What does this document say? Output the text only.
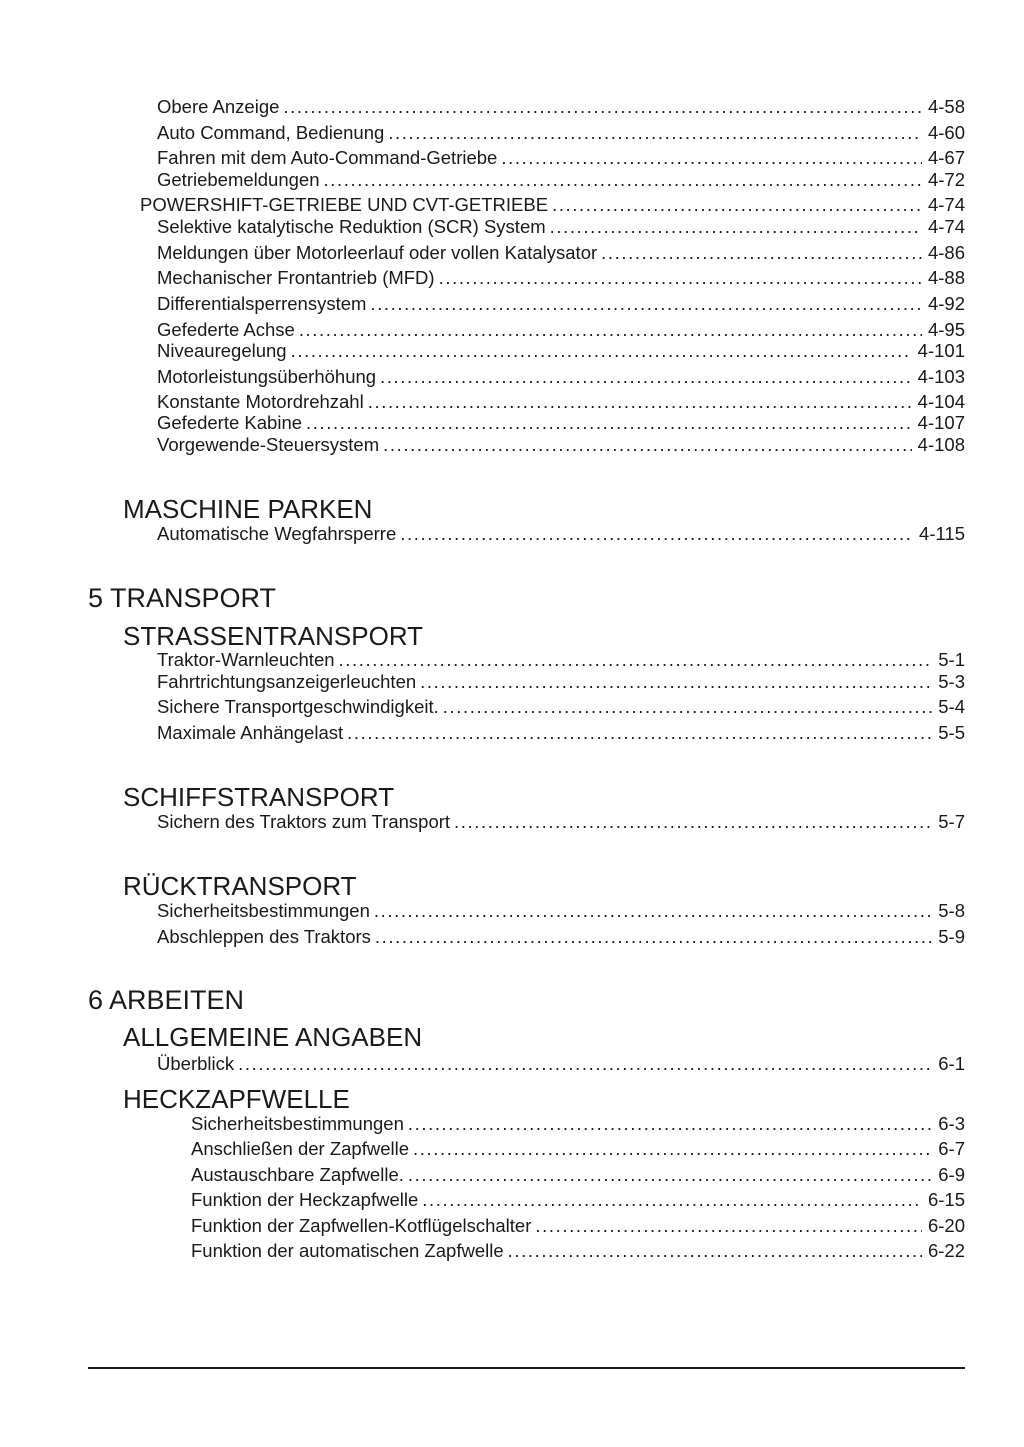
Obere Anzeige .....	4-58
Auto Command, Bedienung .....	4-60
Fahren mit dem Auto-Command-Getriebe .....	4-67
Getriebemeldungen .....	4-72
POWERSHIFT-GETRIEBE UND CVT-GETRIEBE .....	4-74
Selektive katalytische Reduktion (SCR) System .....	4-74
Meldungen über Motorleerlauf oder vollen Katalysator .....	4-86
Mechanischer Frontantrieb (MFD) .....	4-88
Differentialsperrensystem .....	4-92
Gefederte Achse .....	4-95
Niveauregelung .....	4-101
Motorleistungsüberhöhung .....	4-103
Konstante Motordrehzahl .....	4-104
Gefederte Kabine .....	4-107
Vorgewende-Steuersystem .....	4-108
MASCHINE PARKEN
Automatische Wegfahrsperre .....	4-115
5 TRANSPORT
STRASSENTRANSPORT
Traktor-Warnleuchten .....	5-1
Fahrtrichtungsanzeigerleuchten .....	5-3
Sichere Transportgeschwindigkeit. .....	5-4
Maximale Anhängelast .....	5-5
SCHIFFSTRANSPORT
Sichern des Traktors zum Transport .....	5-7
RÜCKTRANSPORT
Sicherheitsbestimmungen .....	5-8
Abschleppen des Traktors .....	5-9
6 ARBEITEN
ALLGEMEINE ANGABEN
Überblick .....	6-1
HECKZAPFWELLE
Sicherheitsbestimmungen .....	6-3
Anschließen der Zapfwelle .....	6-7
Austauschbare Zapfwelle. .....	6-9
Funktion der Heckzapfwelle .....	6-15
Funktion der Zapfwellen-Kotflügelschalter .....	6-20
Funktion der automatischen Zapfwelle .....	6-22
